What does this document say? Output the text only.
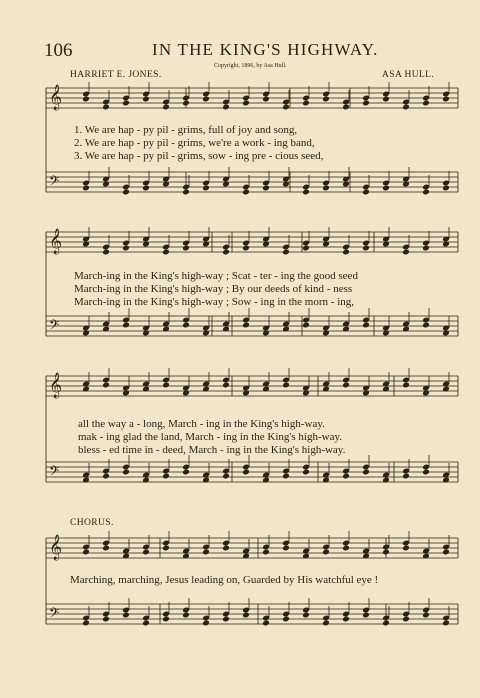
106	IN THE KING'S HIGHWAY.
Copyright, 1896, by Asa Hull.
HARRIET E. JONES.	ASA HULL.
CHORUS.
𝄞
𝄢
𝄞
𝄢
𝄞
𝄢
𝄞
𝄢
1. We are hap - py pil - grims, full of joy and song,
2. We are hap - py pil - grims, we're a work - ing band,
3. We are hap - py pil - grims, sow - ing pre - cious seed,
March-ing in the King's high-way ; Scat - ter - ing the good seed
March-ing in the King's high-way ; By our deeds of kind - ness
March-ing in the King's high-way ; Sow - ing in the morn - ing,
all the way a - long, March - ing in the King's high-way.
mak - ing glad the land, March - ing in the King's high-way.
bless - ed time in - deed, March - ing in the King's high-way.
Marching, marching, Jesus leading on, Guarded by His watchful eye !
